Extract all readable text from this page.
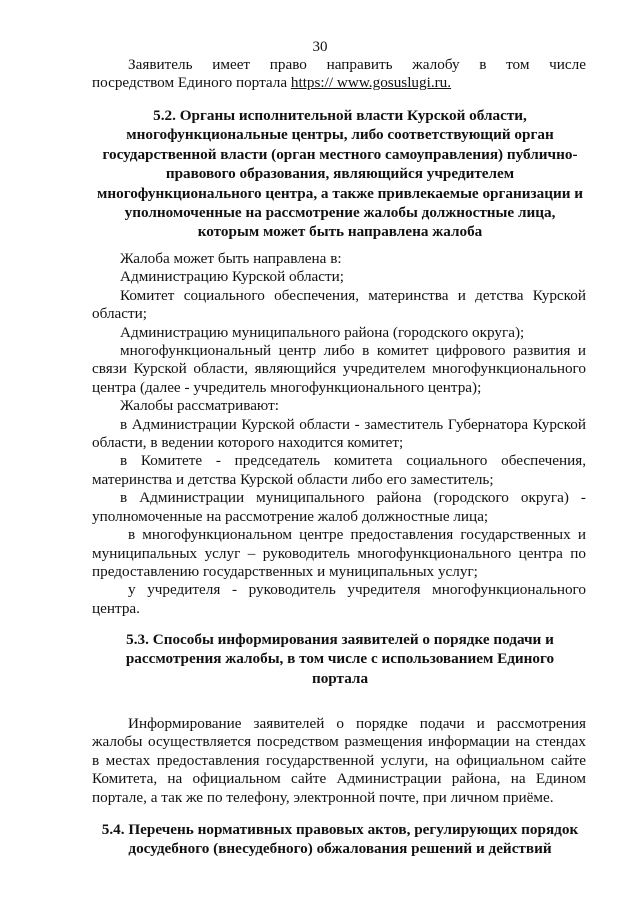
30

Заявитель имеет право направить жалобу в том числе

посредством Единого портала https:// www.gosuslugi.ru.

5.2. Органы исполнительной власти Курской области, многофункциональные центры, либо соответствующий орган государственной власти (орган местного самоуправления) публично-правового образования, являющийся учредителем многофункционального центра, а также привлекаемые организации и уполномоченные на рассмотрение жалобы должностные лица, которым может быть направлена жалоба

Жалоба может быть направлена в:

Администрацию Курской области;

Комитет социального обеспечения, материнства и детства Курской области;

Администрацию муниципального района (городского округа);

многофункциональный центр либо в комитет цифрового развития и связи Курской области, являющийся учредителем многофункционального центра (далее - учредитель многофункционального центра);

Жалобы рассматривают:

в Администрации Курской области - заместитель Губернатора Курской области, в ведении которого находится комитет;

в Комитете - председатель комитета социального обеспечения, материнства и детства Курской области либо его заместитель;

в Администрации муниципального района (городского округа) - уполномоченные на рассмотрение жалоб должностные лица;

в многофункциональном центре предоставления государственных и муниципальных услуг – руководитель многофункционального центра по предоставлению государственных и муниципальных услуг;

у учредителя - руководитель учредителя многофункционального центра.

5.3. Способы информирования заявителей о порядке подачи и рассмотрения жалобы, в том числе с использованием Единого портала

Информирование заявителей о порядке подачи и рассмотрения жалобы осуществляется посредством размещения информации на стендах в местах предоставления государственной услуги, на официальном сайте Комитета, на официальном сайте Администрации района, на Едином портале, а так же по телефону, электронной почте, при личном приёме.

5.4. Перечень нормативных правовых актов, регулирующих порядок досудебного (внесудебного) обжалования решений и действий
